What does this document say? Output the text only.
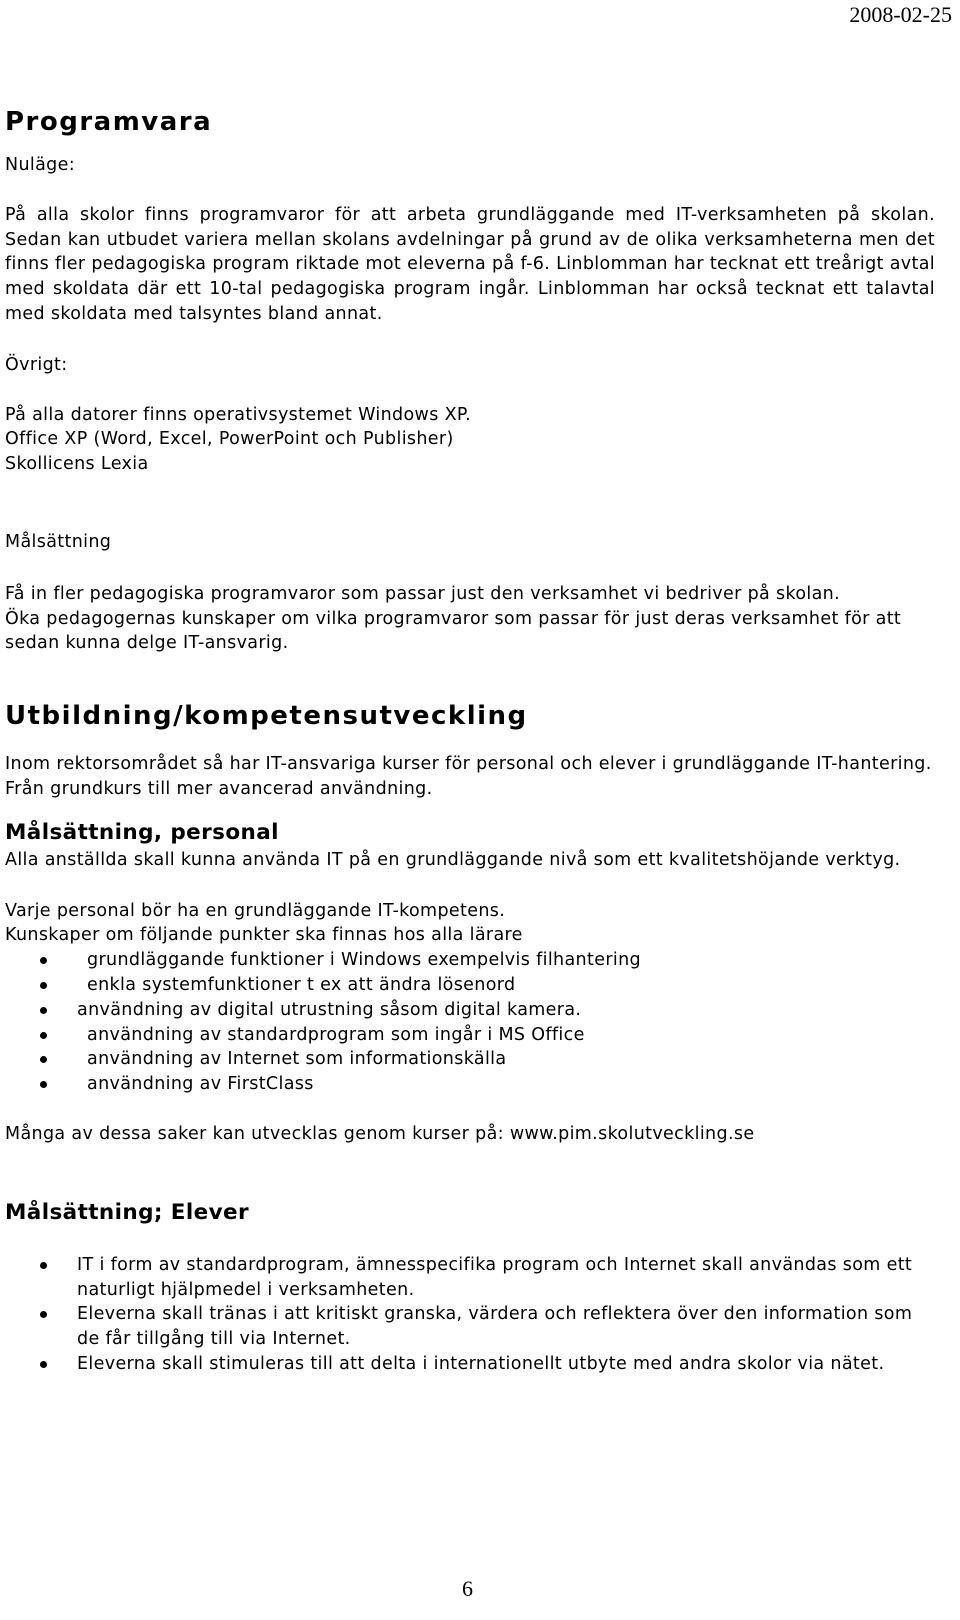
2008-02-25
Programvara

Nuläge:

På alla skolor finns programvaror för att arbeta grundläggande med IT-verksamheten på skolan. Sedan kan utbudet variera mellan skolans avdelningar på grund av de olika verksamheterna men det finns fler pedagogiska program riktade mot eleverna på f-6. Linblomman har tecknat ett treårigt avtal med skoldata där ett 10-tal pedagogiska program ingår. Linblomman har också tecknat ett talavtal med skoldata med talsyntes bland annat.

Övrigt:

På alla datorer finns operativsystemet Windows XP.

Office XP (Word, Excel, PowerPoint och Publisher)

Skollicens Lexia

Målsättning

Få in fler pedagogiska programvaror som passar just den verksamhet vi bedriver på skolan.

Öka pedagogernas kunskaper om vilka programvaror som passar för just deras verksamhet för att sedan kunna delge IT-ansvarig.

Utbildning/kompetensutveckling

Inom rektorsområdet så har IT-ansvariga kurser för personal och elever i grundläggande IT-hantering. Från grundkurs till mer avancerad användning.

Målsättning, personal

Alla anställda skall kunna använda IT på en grundläggande nivå som ett kvalitetshöjande verktyg.

Varje personal bör ha en grundläggande IT-kompetens.

Kunskaper om följande punkter ska finnas hos alla lärare

grundläggande funktioner i Windows exempelvis filhantering
enkla systemfunktioner t ex att ändra lösenord
användning av digital utrustning såsom digital kamera.
användning av standardprogram som ingår i MS Office
användning av Internet som informationskälla
användning av FirstClass

Många av dessa saker kan utvecklas genom kurser på: www.pim.skolutveckling.se

Målsättning; Elever
IT i form av standardprogram, ämnesspecifika program och Internet skall användas som ett naturligt hjälpmedel i verksamheten.
Eleverna skall tränas i att kritiskt granska, värdera och reflektera över den information som de får tillgång till via Internet.
Eleverna skall stimuleras till att delta i internationellt utbyte med andra skolor via nätet.
6
